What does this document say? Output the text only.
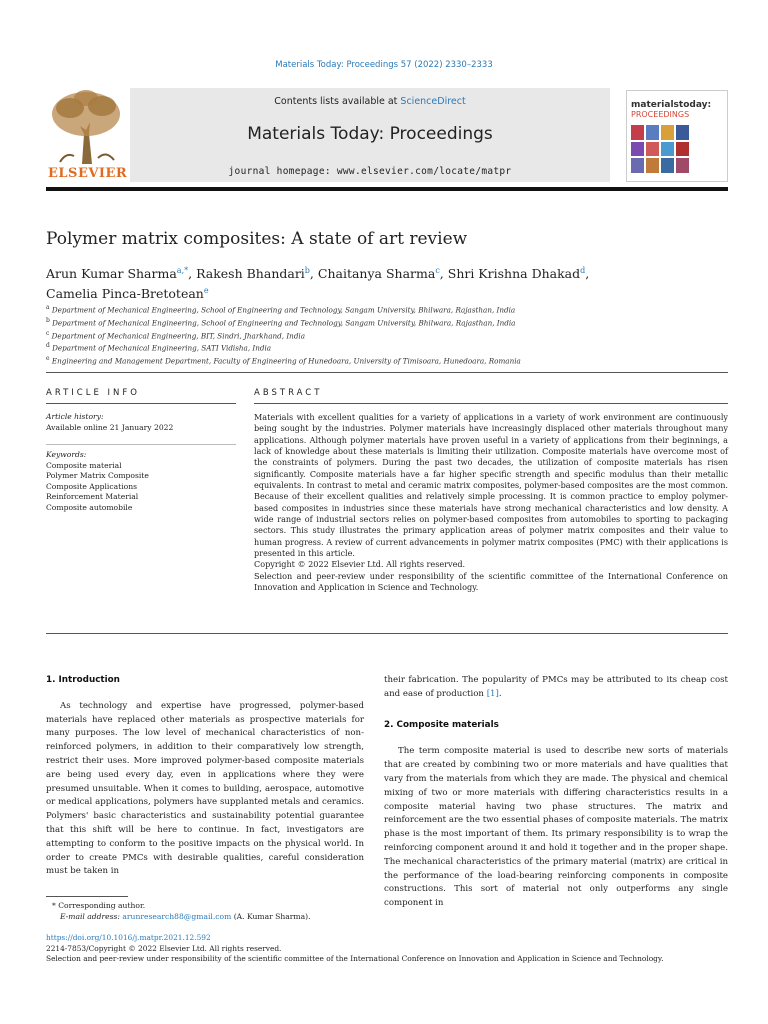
Materials Today: Proceedings 57 (2022) 2330–2333
ELSEVIER
Contents lists available at ScienceDirect
Materials Today: Proceedings
journal homepage: www.elsevier.com/locate/matpr
materialstoday:
PROCEEDINGS
Polymer matrix composites: A state of art review
Arun Kumar Sharma$^{a,*}$, Rakesh Bhandari$^b$, Chaitanya Sharma$^c$, Shri Krishna Dhakad$^d$,
Camelia Pinca-Bretotean$^e$
$^a$ Department of Mechanical Engineering, School of Engineering and Technology, Sangam University, Bhilwara, Rajasthan, India
$^b$ Department of Mechanical Engineering, School of Engineering and Technology, Sangam University, Bhilwara, Rajasthan, India
$^c$ Department of Mechanical Engineering, BIT, Sindri, Jharkhand, India
$^d$ Department of Mechanical Engineering, SATI Vidisha, India
$^e$ Engineering and Management Department, Faculty of Engineering of Hunedoara, University of Timisoara, Hunedoara, Romania
ARTICLE INFO	ABSTRACT
Article history:
Available online 21 January 2022
Keywords:
Composite material
Polymer Matrix Composite
Composite Applications
Reinforcement Material
Composite automobile
Materials with excellent qualities for a variety of applications in a variety of work environment are continuously being sought by the industries. Polymer materials have increasingly displaced other materials throughout many applications. Although polymer materials have proven useful in a variety of applications from their beginnings, a lack of knowledge about these materials is limiting their utilization. Composite materials have overcome most of the constraints of polymers. During the past two decades, the utilization of composite materials has risen significantly. Composite materials have a far higher specific strength and specific modulus than their metallic equivalents. In contrast to metal and ceramic matrix composites, polymer-based composites are the most common. Because of their excellent qualities and relatively simple processing. It is common practice to employ polymer-based composites in industries since these materials have strong mechanical characteristics and low density. A wide range of industrial sectors relies on polymer-based composites from automobiles to sporting to packaging sectors. This study illustrates the primary application areas of polymer matrix composites and their value to human progress. A review of current advancements in polymer matrix composites (PMC) with their applications is presented in this article.
Copyright © 2022 Elsevier Ltd. All rights reserved.
Selection and peer-review under responsibility of the scientific committee of the International Conference on Innovation and Application in Science and Technology.
1. Introduction

As technology and expertise have progressed, polymer-based materials have replaced other materials as prospective materials for many purposes. The low level of mechanical characteristics of non-reinforced polymers, in addition to their comparatively low strength, restrict their uses. More improved polymer-based composite materials are being used every day, even in applications where they were presumed unsuitable. When it comes to building, aerospace, automotive or medical applications, polymers have supplanted metals and ceramics. Polymers' basic characteristics and sustainability potential guarantee that this shift will be here to continue. In fact, investigators are attempting to conform to the positive impacts on the physical world. In order to create PMCs with desirable qualities, careful consideration must be taken in

their fabrication. The popularity of PMCs may be attributed to its cheap cost and ease of production [1].
2. Composite materials

The term composite material is used to describe new sorts of materials that are created by combining two or more materials and have qualities that vary from the materials from which they are made. The physical and chemical mixing of two or more materials with differing characteristics results in a composite material having two phase structures. The matrix and reinforcement are the two essential phases of composite materials. The matrix phase is the most important of them. Its primary responsibility is to wrap the reinforcing component around it and hold it together and in the proper shape. The mechanical characteristics of the primary material (matrix) are critical in the performance of the load-bearing reinforcing components in composite constructions. This sort of material not only outperforms any single component in

* Corresponding author.
E-mail address: arunresearch88@gmail.com (A. Kumar Sharma).
https://doi.org/10.1016/j.matpr.2021.12.592
2214-7853/Copyright © 2022 Elsevier Ltd. All rights reserved.
Selection and peer-review under responsibility of the scientific committee of the International Conference on Innovation and Application in Science and Technology.
